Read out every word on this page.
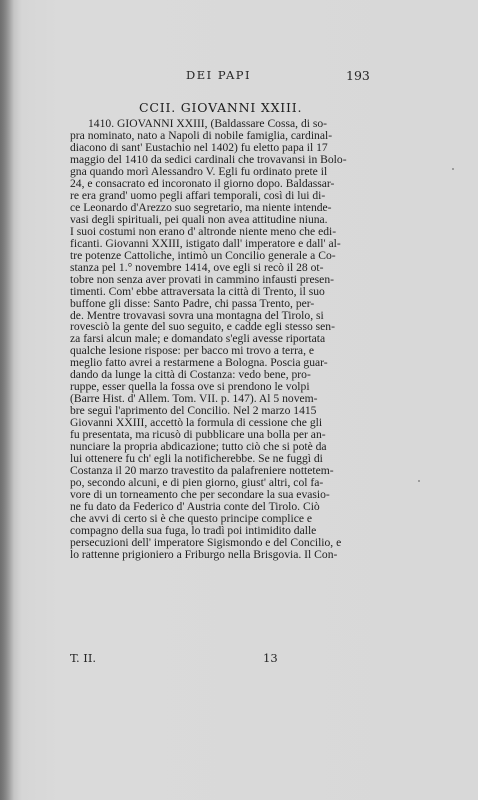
DEI PAPI	193
CCII. GIOVANNI XXIII.
1410. GIOVANNI XXIII, (Baldassare Cossa, di so-
pra nominato, nato a Napoli di nobile famiglia, cardinal-
diacono di sant' Eustachio nel 1402) fu eletto papa il 17
maggio del 1410 da sedici cardinali che trovavansi in Bolo-
gna quando morì Alessandro V. Egli fu ordinato prete il
24, e consacrato ed incoronato il giorno dopo. Baldassar-
re era grand' uomo pegli affari temporali, così di lui di-
ce Leonardo d'Arezzo suo segretario, ma niente intende-
vasi degli spirituali, pei quali non avea attitudine niuna.
I suoi costumi non erano d' altronde niente meno che edi-
ficanti. Giovanni XXIII, istigato dall' imperatore e dall' al-
tre potenze Cattoliche, intimò un Concilio generale a Co-
stanza pel 1.° novembre 1414, ove egli si recò il 28 ot-
tobre non senza aver provati in cammino infausti presen-
timenti. Com' ebbe attraversata la città di Trento, il suo
buffone gli disse: Santo Padre, chi passa Trento, per-
de. Mentre trovavasi sovra una montagna del Tirolo, si
rovesciò la gente del suo seguito, e cadde egli stesso sen-
za farsi alcun male; e domandato s'egli avesse riportata
qualche lesione rispose: per bacco mi trovo a terra, e
meglio fatto avrei a restarmene a Bologna. Poscia guar-
dando da lunge la città di Costanza: vedo bene, pro-
ruppe, esser quella la fossa ove si prendono le volpi
(Barre Hist. d' Allem. Tom. VII. p. 147). Al 5 novem-
bre seguì l'aprimento del Concilio. Nel 2 marzo 1415
Giovanni XXIII, accettò la formula di cessione che gli
fu presentata, ma ricusò di pubblicare una bolla per an-
nunciare la propria abdicazione; tutto ciò che si potè da
lui ottenere fu ch' egli la notificherebbe. Se ne fuggì di
Costanza il 20 marzo travestito da palafreniere nottetem-
po, secondo alcuni, e di pien giorno, giust' altri, col fa-
vore di un torneamento che per secondare la sua evasio-
ne fu dato da Federico d' Austria conte del Tirolo. Ciò
che avvi di certo si è che questo principe complice e
compagno della sua fuga, lo tradì poi intimidito dalle
persecuzioni dell' imperatore Sigismondo e del Concilio, e
lo rattenne prigioniero a Friburgo nella Brisgovia. Il Con-
T. II.	13
